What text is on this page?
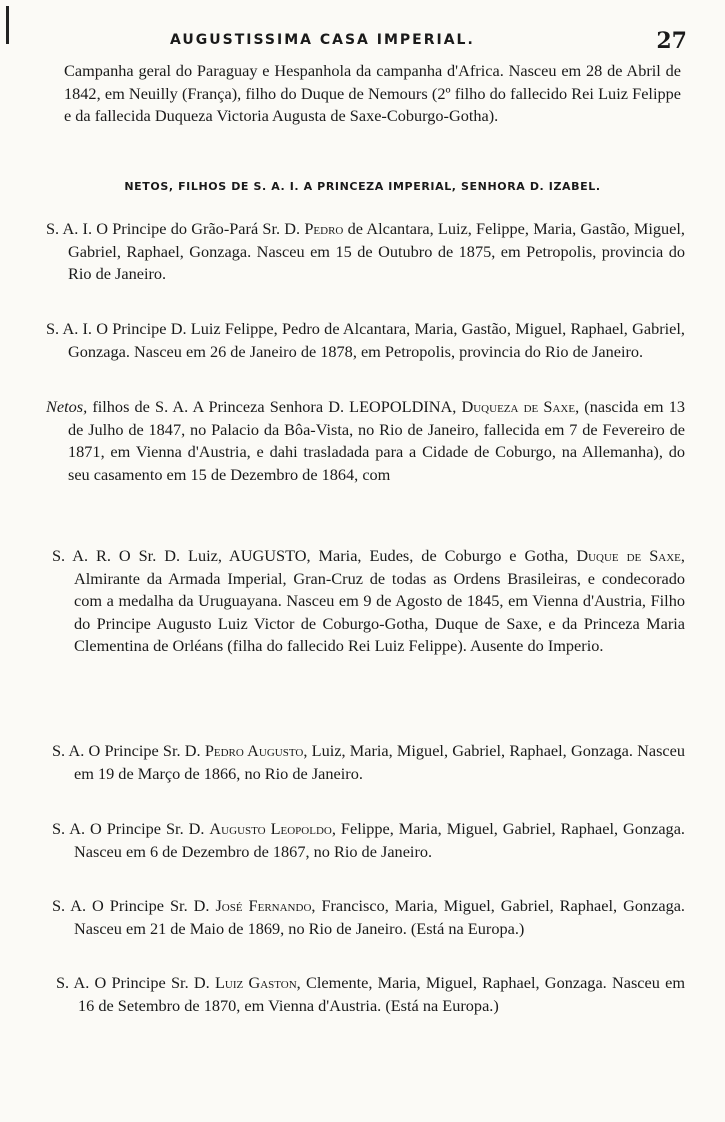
AUGUSTISSIMA CASA IMPERIAL.	27

Campanha geral do Paraguay e Hespanhola da campanha d'Africa. Nasceu em 28 de Abril de 1842, em Neuilly (França), filho do Duque de Nemours (2º filho do fallecido Rei Luiz Felippe e da fallecida Duqueza Victoria Augusta de Saxe-Coburgo-Gotha).

NETOS, FILHOS DE S. A. I. A PRINCEZA IMPERIAL, SENHORA D. IZABEL.

S. A. I. O Principe do Grão-Pará Sr. D. Pedro de Alcantara, Luiz, Felippe, Maria, Gastão, Miguel, Gabriel, Raphael, Gonzaga. Nasceu em 15 de Outubro de 1875, em Petropolis, provincia do Rio de Janeiro.

S. A. I. O Principe D. Luiz Felippe, Pedro de Alcantara, Maria, Gastão, Miguel, Raphael, Gabriel, Gonzaga. Nasceu em 26 de Janeiro de 1878, em Petropolis, provincia do Rio de Janeiro.

Netos, filhos de S. A. A Princeza Senhora D. LEOPOLDINA, Duqueza de Saxe, (nascida em 13 de Julho de 1847, no Palacio da Bôa-Vista, no Rio de Janeiro, fallecida em 7 de Fevereiro de 1871, em Vienna d'Austria, e dahi trasladada para a Cidade de Coburgo, na Allemanha), do seu casamento em 15 de Dezembro de 1864, com

S. A. R. O Sr. D. Luiz, AUGUSTO, Maria, Eudes, de Coburgo e Gotha, Duque de Saxe, Almirante da Armada Imperial, Gran-Cruz de todas as Ordens Brasileiras, e condecorado com a medalha da Uruguayana. Nasceu em 9 de Agosto de 1845, em Vienna d'Austria, Filho do Principe Augusto Luiz Victor de Coburgo-Gotha, Duque de Saxe, e da Princeza Maria Clementina de Orléans (filha do fallecido Rei Luiz Felippe). Ausente do Imperio.

S. A. O Principe Sr. D. Pedro Augusto, Luiz, Maria, Miguel, Gabriel, Raphael, Gonzaga. Nasceu em 19 de Março de 1866, no Rio de Janeiro.

S. A. O Principe Sr. D. Augusto Leopoldo, Felippe, Maria, Miguel, Gabriel, Raphael, Gonzaga. Nasceu em 6 de Dezembro de 1867, no Rio de Janeiro.

S. A. O Principe Sr. D. José Fernando, Francisco, Maria, Miguel, Gabriel, Raphael, Gonzaga. Nasceu em 21 de Maio de 1869, no Rio de Janeiro. (Está na Europa.)

S. A. O Principe Sr. D. Luiz Gaston, Clemente, Maria, Miguel, Raphael, Gonzaga. Nasceu em 16 de Setembro de 1870, em Vienna d'Austria. (Está na Europa.)
